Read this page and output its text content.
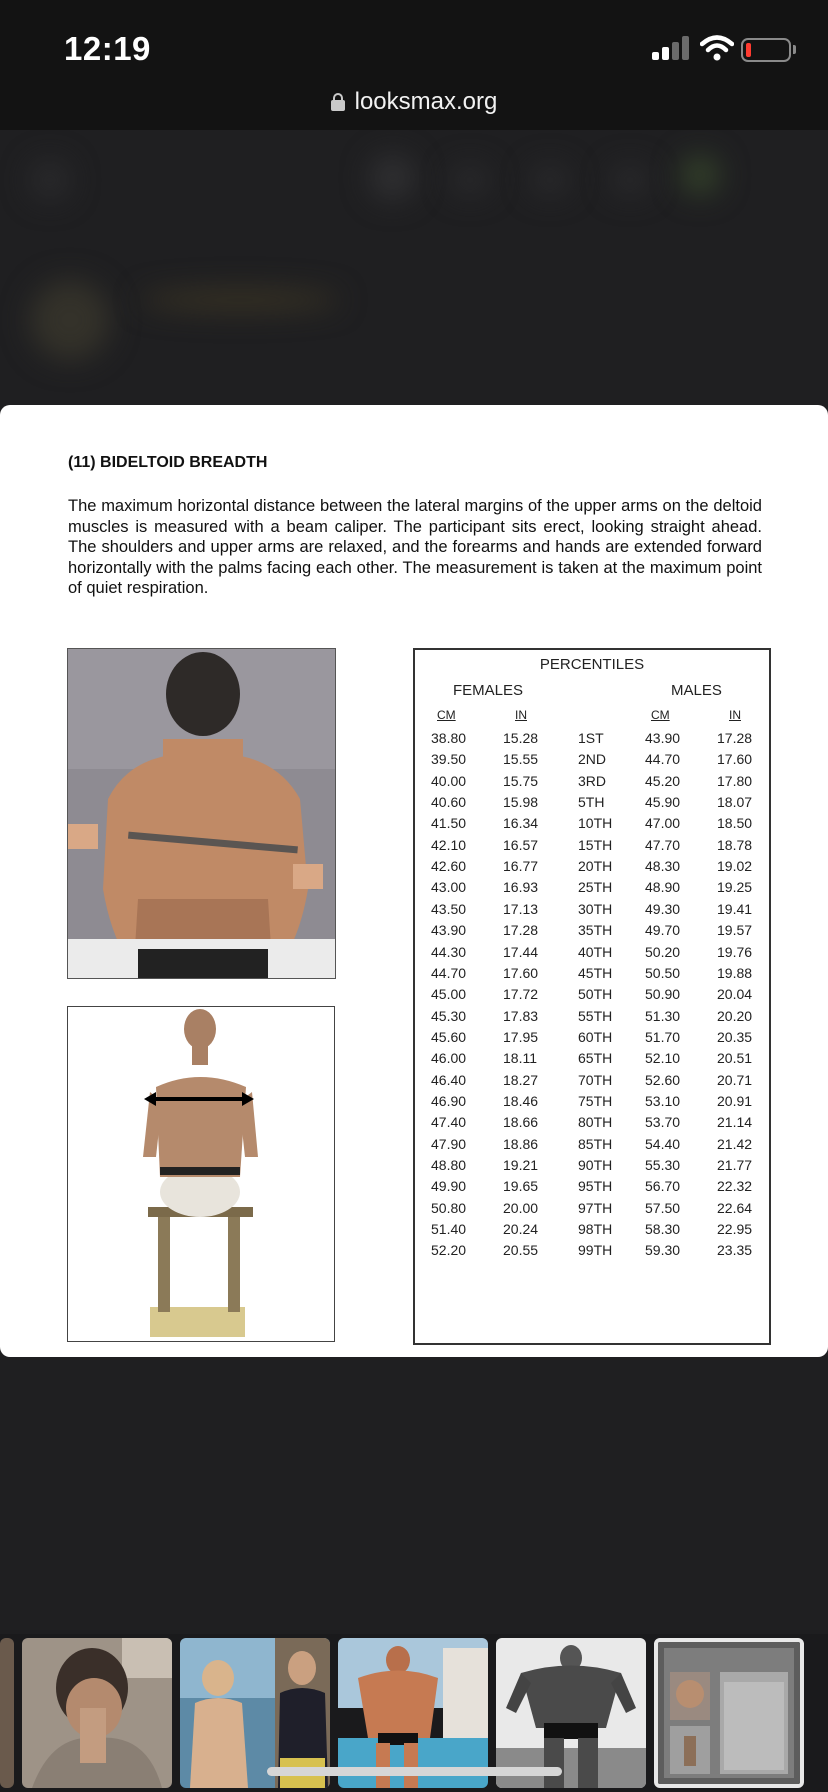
12:19
looksmax.org
(11) BIDELTOID BREADTH
The maximum horizontal distance between the lateral margins of the upper arms on the deltoid muscles is measured with a beam caliper. The participant sits erect, looking straight ahead. The shoulders and upper arms are relaxed, and the forearms and hands are extended forward horizontally with the palms facing each other. The measurement is taken at the maximum point of quiet respiration.
PERCENTILES
FEMALES	MALES
CM	IN	CM	IN
38.80	15.28	1ST	43.90	17.28
39.50	15.55	2ND	44.70	17.60
40.00	15.75	3RD	45.20	17.80
40.60	15.98	5TH	45.90	18.07
41.50	16.34	10TH 47.00	18.50
42.10	16.57	15TH 47.70	18.78
42.60	16.77	20TH 48.30	19.02
43.00	16.93	25TH 48.90	19.25
43.50	17.13	30TH 49.30	19.41
43.90	17.28	35TH 49.70	19.57
44.30	17.44	40TH 50.20	19.76
44.70	17.60	45TH 50.50	19.88
45.00	17.72	50TH 50.90	20.04
45.30	17.83	55TH 51.30	20.20
45.60	17.95	60TH 51.70	20.35
46.00	18.11	65TH 52.10	20.51
46.40	18.27	70TH 52.60	20.71
46.90	18.46	75TH 53.10	20.91
47.40	18.66	80TH 53.70	21.14
47.90	18.86	85TH 54.40	21.42
48.80	19.21	90TH 55.30	21.77
49.90	19.65	95TH 56.70	22.32
50.80	20.00	97TH 57.50	22.64
51.40	20.24	98TH 58.30	22.95
52.20	20.55	99TH 59.30	23.35
